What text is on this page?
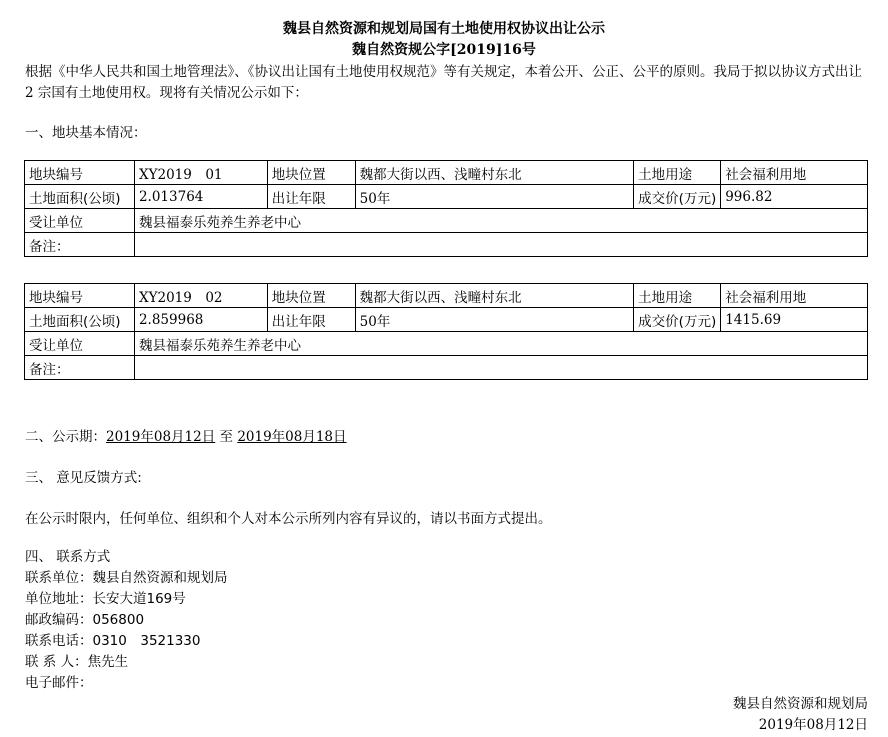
魏县自然资源和规划局国有土地使用权协议出让公示
魏自然资规公字[2019]16号
根据《中华人民共和国土地管理法》、《协议出让国有土地使用权规范》等有关规定，本着公开、公正、公平的原则。我局于拟以协议方式出让 2 宗国有土地使用权。现将有关情况公示如下：
一、地块基本情况：
地块编号	XY2019　01	地块位置	魏都大街以西、浅疃村东北	土地用途	社会福利用地
土地面积(公顷)	2.013764	出让年限	50年	成交价(万元)	996.82
受让单位	魏县福泰乐苑养生养老中心				
备注：					
地块编号	XY2019　02	地块位置	魏都大街以西、浅疃村东北	土地用途	社会福利用地
土地面积(公顷)	2.859968	出让年限	50年	成交价(万元)	1415.69
受让单位	魏县福泰乐苑养生养老中心				
备注：					
二、公示期：2019年08月12日 至 2019年08月18日
三、 意见反馈方式:
在公示时限内，任何单位、组织和个人对本公示所列内容有异议的，请以书面方式提出。
四、 联系方式
联系单位：魏县自然资源和规划局
单位地址：长安大道169号
邮政编码：056800
联系电话：0310　3521330
联 系 人：焦先生
电子邮件：
魏县自然资源和规划局
2019年08月12日
